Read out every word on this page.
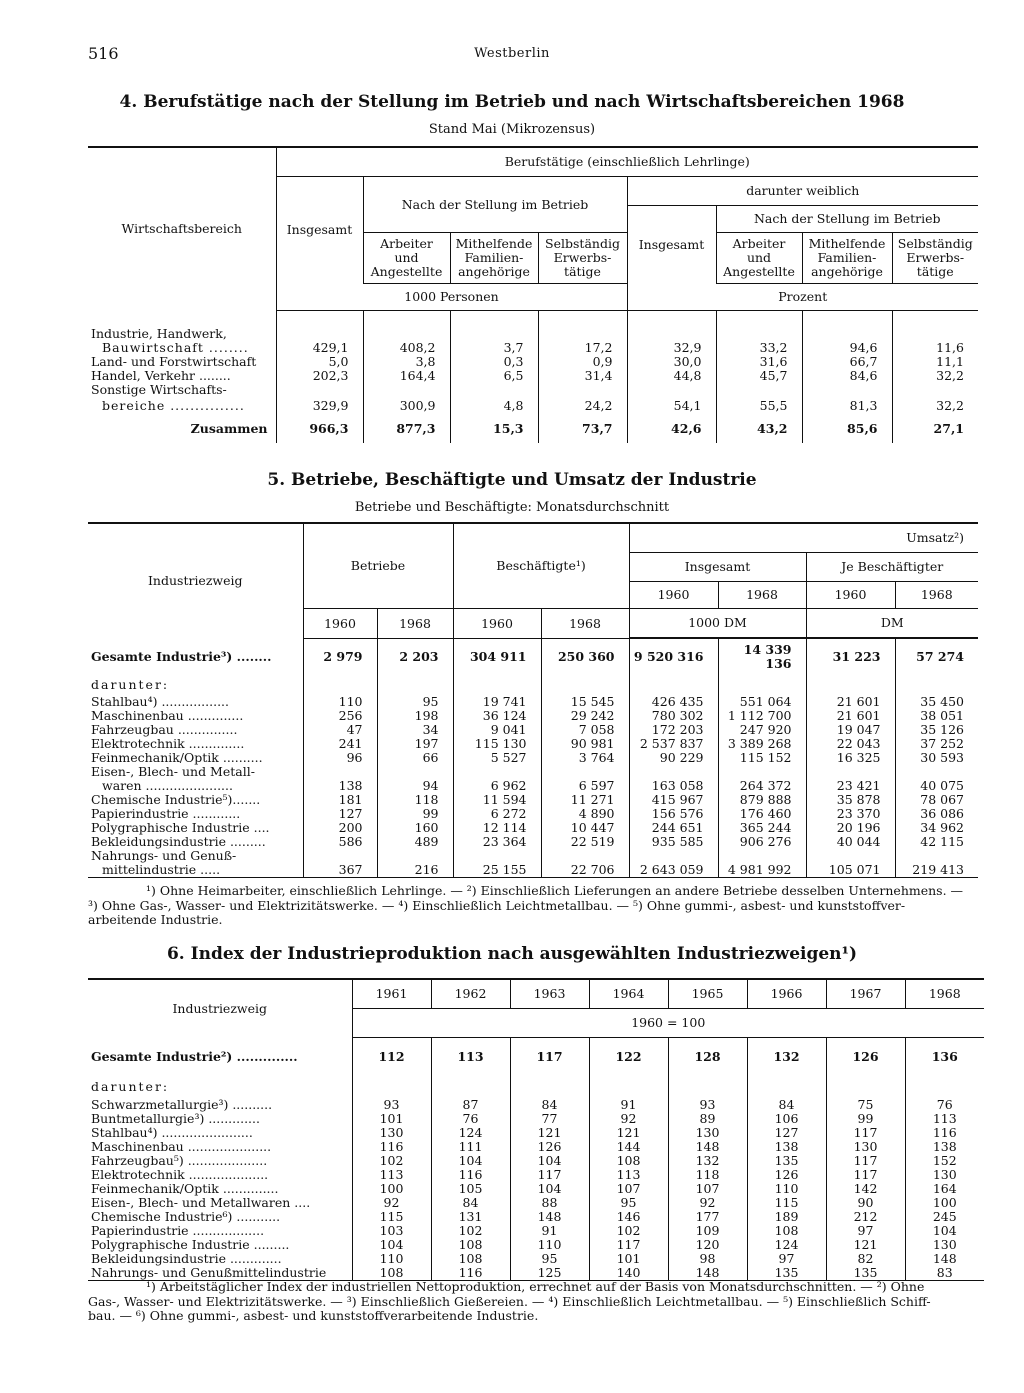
516	Westberlin
4. Berufstätige nach der Stellung im Betrieb und nach Wirtschaftsbereichen 1968
Stand Mai (Mikrozensus)
Wirtschaftsbereich	Berufstätige (einschließlich Lehrlinge)							
	Insgesamt	Nach der Stellung im Betrieb			darunter weiblich			
					Insgesamt	Nach der Stellung im Betrieb		
		Arbeiter und Angestellte	Mithelfende Familien-angehörige	Selbständig Erwerbs-tätige		Arbeiter und Angestellte	Mithelfende Familien-angehörige	Selbständig Erwerbs-tätige
	1000 Personen				Prozent			

Industrie, Handwerk,								
Bauwirtschaft ........	429,1	408,2	3,7	17,2	32,9	33,2	94,6	11,6
Land- und Forstwirtschaft	5,0	3,8	0,3	0,9	30,0	31,6	66,7	11,1
Handel, Verkehr ........	202,3	164,4	6,5	31,4	44,8	45,7	84,6	32,2
Sonstige Wirtschafts-								
bereiche ...............	329,9	300,9	4,8	24,2	54,1	55,5	81,3	32,2
Zusammen	966,3	877,3	15,3	73,7	42,6	43,2	85,6	27,1
5. Betriebe, Beschäftigte und Umsatz der Industrie
Betriebe und Beschäftigte: Monatsdurchschnitt
Industriezweig	Betriebe		Beschäftigte¹)		Umsatz²)			
					Insgesamt		Je Beschäftigter	
					1960	1968	1960	1968
	1960	1968	1960	1968	1000 DM		DM	

Gesamte Industrie³) ........	2 979	2 203	304 911	250 360	9 520 316	14 339 136	31 223	57 274
darunter:								
Stahlbau⁴) .................	110	95	19 741	15 545	426 435	551 064	21 601	35 450
Maschinenbau ..............	256	198	36 124	29 242	780 302	1 112 700	21 601	38 051
Fahrzeugbau ...............	47	34	9 041	7 058	172 203	247 920	19 047	35 126
Elektrotechnik ..............	241	197	115 130	90 981	2 537 837	3 389 268	22 043	37 252
Feinmechanik/Optik ..........	96	66	5 527	3 764	90 229	115 152	16 325	30 593
Eisen-, Blech- und Metall-								
waren ......................	138	94	6 962	6 597	163 058	264 372	23 421	40 075
Chemische Industrie⁵).......	181	118	11 594	11 271	415 967	879 888	35 878	78 067
Papierindustrie ............	127	99	6 272	4 890	156 576	176 460	23 370	36 086
Polygraphische Industrie ....	200	160	12 114	10 447	244 651	365 244	20 196	34 962
Bekleidungsindustrie .........	586	489	23 364	22 519	935 585	906 276	40 044	42 115
Nahrungs- und Genuß-								
mittelindustrie .....	367	216	25 155	22 706	2 643 059	4 981 992	105 071	219 413

¹) Ohne Heimarbeiter, einschließlich Lehrlinge. — ²) Einschließlich Lieferungen an andere Betriebe desselben Unternehmens. —

³) Ohne Gas-, Wasser- und Elektrizitätswerke. — ⁴) Einschließlich Leichtmetallbau. — ⁵) Ohne gummi-, asbest- und kunststoffver-

arbeitende Industrie.

6. Index der Industrieproduktion nach ausgewählten Industriezweigen¹)
Industriezweig	1961	1962	1963	1964	1965	1966	1967	1968
	1960 = 100							
Gesamte Industrie²) ..............	112	113	117	122	128	132	126	136
darunter:								
Schwarzmetallurgie³) ..........	93	87	84	91	93	84	75	76
Buntmetallurgie³) .............	101	76	77	92	89	106	99	113
Stahlbau⁴) .......................	130	124	121	121	130	127	117	116
Maschinenbau .....................	116	111	126	144	148	138	130	138
Fahrzeugbau⁵) ....................	102	104	104	108	132	135	117	152
Elektrotechnik ....................	113	116	117	113	118	126	117	130
Feinmechanik/Optik ..............	100	105	104	107	107	110	142	164
Eisen-, Blech- und Metallwaren ....	92	84	88	95	92	115	90	100
Chemische Industrie⁶) ...........	115	131	148	146	177	189	212	245
Papierindustrie ..................	103	102	91	102	109	108	97	104
Polygraphische Industrie .........	104	108	110	117	120	124	121	130
Bekleidungsindustrie .............	110	108	95	101	98	97	82	148
Nahrungs- und Genußmittelindustrie	108	116	125	140	148	135	135	83

¹) Arbeitstäglicher Index der industriellen Nettoproduktion, errechnet auf der Basis von Monatsdurchschnitten. — ²) Ohne

Gas-, Wasser- und Elektrizitätswerke. — ³) Einschließlich Gießereien. — ⁴) Einschließlich Leichtmetallbau. — ⁵) Einschließlich Schiff-

bau. — ⁶) Ohne gummi-, asbest- und kunststoffverarbeitende Industrie.
